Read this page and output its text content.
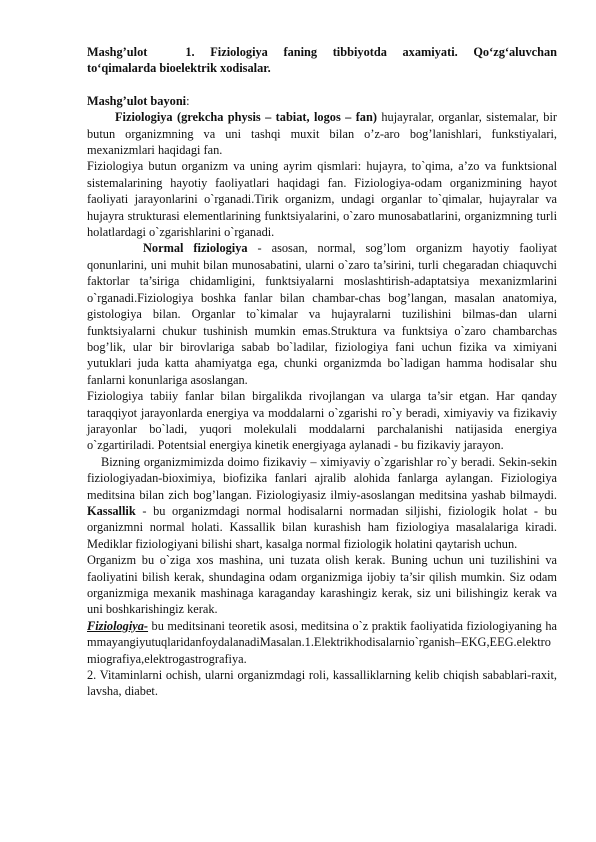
Mashg’ulot	1. Fiziologiya faning tibbiyotda axamiyati. Qo‘zg‘aluvchan to‘qimalarda bioelektrik xodisalar.

Mashg’ulot bayoni:

Fiziologiya (grekcha physis – tabiat, logos – fan) hujayralar, organlar, sistemalar, bir butun organizmning va uni tashqi muxit bilan o’z-aro bog’lanishlari, funkstiyalari, mexanizmlari haqidagi fan.

Fiziologiya butun organizm va uning ayrim qismlari: hujayra, to`qima, a’zo va funktsional sistemalarining hayotiy faoliyatlari haqidagi fan. Fiziologiya-odam organizmining hayot faoliyati jarayonlarini o`rganadi.Tirik organizm, undagi organlar to`qimalar, hujayralar va hujayra strukturasi elementlarining funktsiyalarini, o`zaro munosabatlarini, organizmning turli holatlardagi o`zgarishlarini o`rganadi.

Normal fiziologiya - asosan, normal, sog’lom organizm hayotiy faoliyat qonunlarini, uni muhit bilan munosabatini, ularni o`zaro ta’sirini, turli chegaradan chiaquvchi faktorlar ta’siriga chidamligini, funktsiyalarni moslashtirish-adaptatsiya mexanizmlarini o`rganadi.Fiziologiya boshka fanlar bilan chambar-chas bog’langan, masalan anatomiya, gistologiya bilan. Organlar to`kimalar va hujayralarni tuzilishini bilmas-dan ularni funktsiyalarni chukur tushinish mumkin emas.Struktura va funktsiya o`zaro chambarchas bog’lik, ular bir birovlariga sabab bo`ladilar, fiziologiya fani uchun fizika va ximiyani yutuklari juda katta ahamiyatga ega, chunki organizmda bo`ladigan hamma hodisalar shu fanlarni konunlariga asoslangan.

Fiziologiya tabiiy fanlar bilan birgalikda rivojlangan va ularga ta’sir etgan. Har qanday taraqqiyot jarayonlarda energiya va moddalarni o`zgarishi ro`y beradi, ximiyaviy va fizikaviy jarayonlar bo`ladi, yuqori molekulali moddalarni parchalanishi natijasida energiya o`zgartiriladi. Potentsial energiya kinetik energiyaga aylanadi - bu fizikaviy jarayon.

Bizning organizmimizda doimo fizikaviy – ximiyaviy o`zgarishlar ro`y beradi. Sekin-sekin fiziologiyadan-bioximiya, biofizika fanlari ajralib alohida fanlarga aylangan. Fiziologiya meditsina bilan zich bog’langan. Fiziologiyasiz ilmiy-asoslangan meditsina yashab bilmaydi. Kassallik - bu organizmdagi normal hodisalarni normadan siljishi, fiziologik holat - bu organizmni normal holati. Kassallik bilan kurashish ham fiziologiya masalalariga kiradi. Mediklar fiziologiyani bilishi shart, kasalga normal fiziologik holatini qaytarish uchun.

Organizm bu o`ziga xos mashina, uni tuzata olish kerak. Buning uchun uni tuzilishini va faoliyatini bilish kerak, shundagina odam organizmiga ijobiy ta’sir qilish mumkin. Siz odam organizmiga mexanik mashinaga karaganday karashingiz kerak, siz uni bilishingiz kerak va uni boshkarishingiz kerak.

Fiziologiya- bu meditsinani teoretik asosi, meditsina o`z praktik faoliyatida fiziologiyaning hammayangiyutuqlaridanfoydalanadiMasalan.1.Elektrikhodisalarnio`rganish–EKG,EEG.elektromiografiya,elektrogastrografiya.

2. Vitaminlarni ochish, ularni organizmdagi roli, kassalliklarning kelib chiqish sabablari-raxit, lavsha, diabet.
